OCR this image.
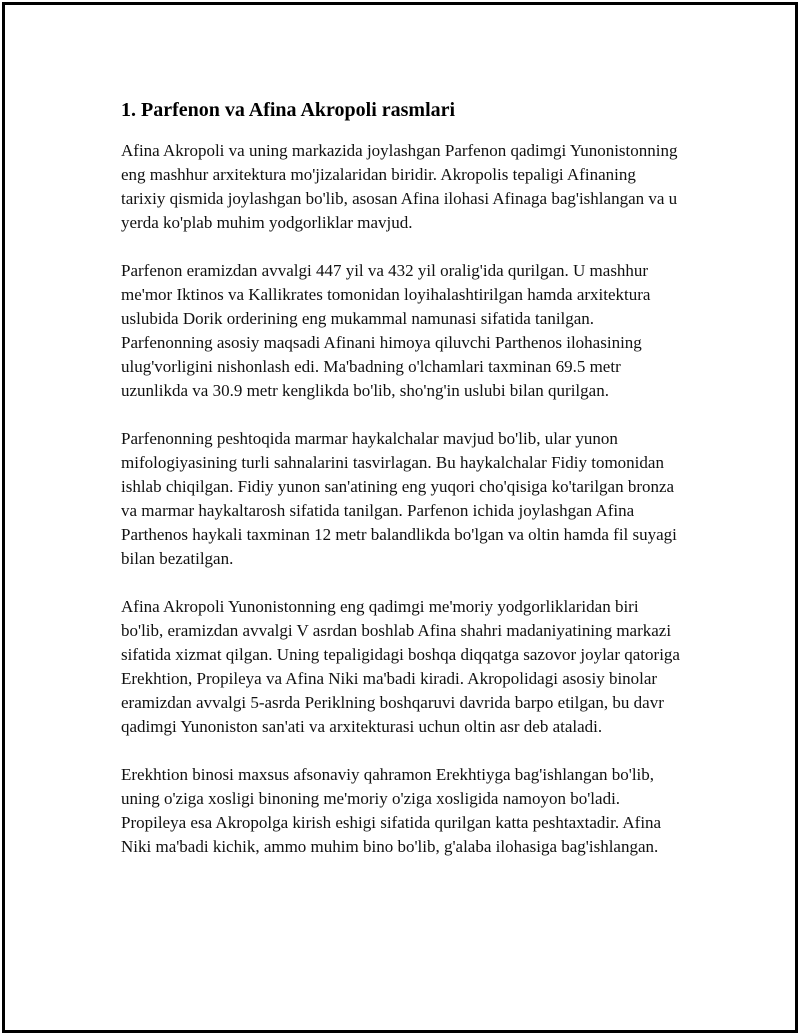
1. Parfenon va Afina Akropoli rasmlari

Afina Akropoli va uning markazida joylashgan Parfenon qadimgi Yunonistonning eng mashhur arxitektura mo'jizalaridan biridir. Akropolis tepaligi Afinaning tarixiy qismida joylashgan bo'lib, asosan Afina ilohasi Afinaga bag'ishlangan va u yerda ko'plab muhim yodgorliklar mavjud.

Parfenon eramizdan avvalgi 447 yil va 432 yil oralig'ida qurilgan. U mashhur me'mor Iktinos va Kallikrates tomonidan loyihalashtirilgan hamda arxitektura uslubida Dorik orderining eng mukammal namunasi sifatida tanilgan. Parfenonning asosiy maqsadi Afinani himoya qiluvchi Parthenos ilohasining ulug'vorligini nishonlash edi. Ma'badning o'lchamlari taxminan 69.5 metr uzunlikda va 30.9 metr kenglikda bo'lib, sho'ng'in uslubi bilan qurilgan.

Parfenonning peshtoqida marmar haykalchalar mavjud bo'lib, ular yunon mifologiyasining turli sahnalarini tasvirlagan. Bu haykalchalar Fidiy tomonidan ishlab chiqilgan. Fidiy yunon san'atining eng yuqori cho'qisiga ko'tarilgan bronza va marmar haykaltarosh sifatida tanilgan. Parfenon ichida joylashgan Afina Parthenos haykali taxminan 12 metr balandlikda bo'lgan va oltin hamda fil suyagi bilan bezatilgan.

Afina Akropoli Yunonistonning eng qadimgi me'moriy yodgorliklaridan biri bo'lib, eramizdan avvalgi V asrdan boshlab Afina shahri madaniyatining markazi sifatida xizmat qilgan. Uning tepaligidagi boshqa diqqatga sazovor joylar qatoriga Erekhtion, Propileya va Afina Niki ma'badi kiradi. Akropolidagi asosiy binolar eramizdan avvalgi 5-asrda Periklning boshqaruvi davrida barpo etilgan, bu davr qadimgi Yunoniston san'ati va arxitekturasi uchun oltin asr deb ataladi.

Erekhtion binosi maxsus afsonaviy qahramon Erekhtiyga bag'ishlangan bo'lib, uning o'ziga xosligi binoning me'moriy o'ziga xosligida namoyon bo'ladi. Propileya esa Akropolga kirish eshigi sifatida qurilgan katta peshtaxtadir. Afina Niki ma'badi kichik, ammo muhim bino bo'lib, g'alaba ilohasiga bag'ishlangan.
